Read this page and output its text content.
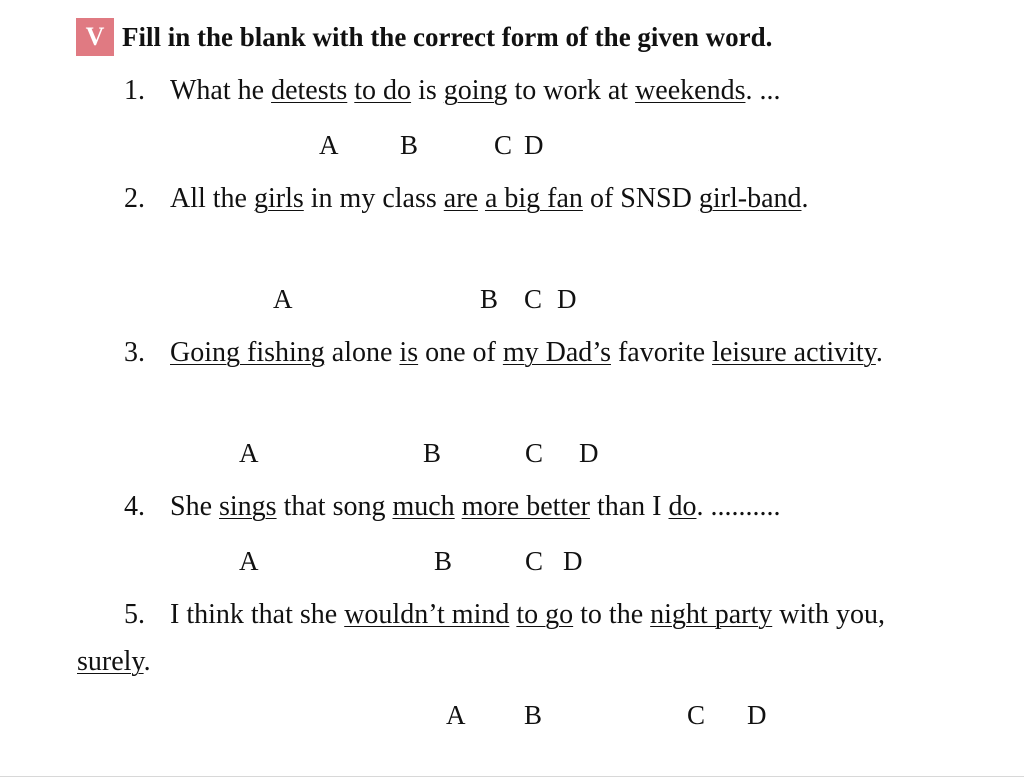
V Fill in the blank with the correct form of the given word.
1. What he detests to do is going to work at weekends. ...
A B	C D
2. All the girls in my class are a big fan of SNSD girl-band.
A	B C D
3. Going fishing alone is one of my Dad’s favorite leisure activity.
A	B	C D
4. She sings that song much more better than I do. ..........
A	B	C D
5. I think that she wouldn’t mind to go to the night party with you,
surely.
A B	C D
